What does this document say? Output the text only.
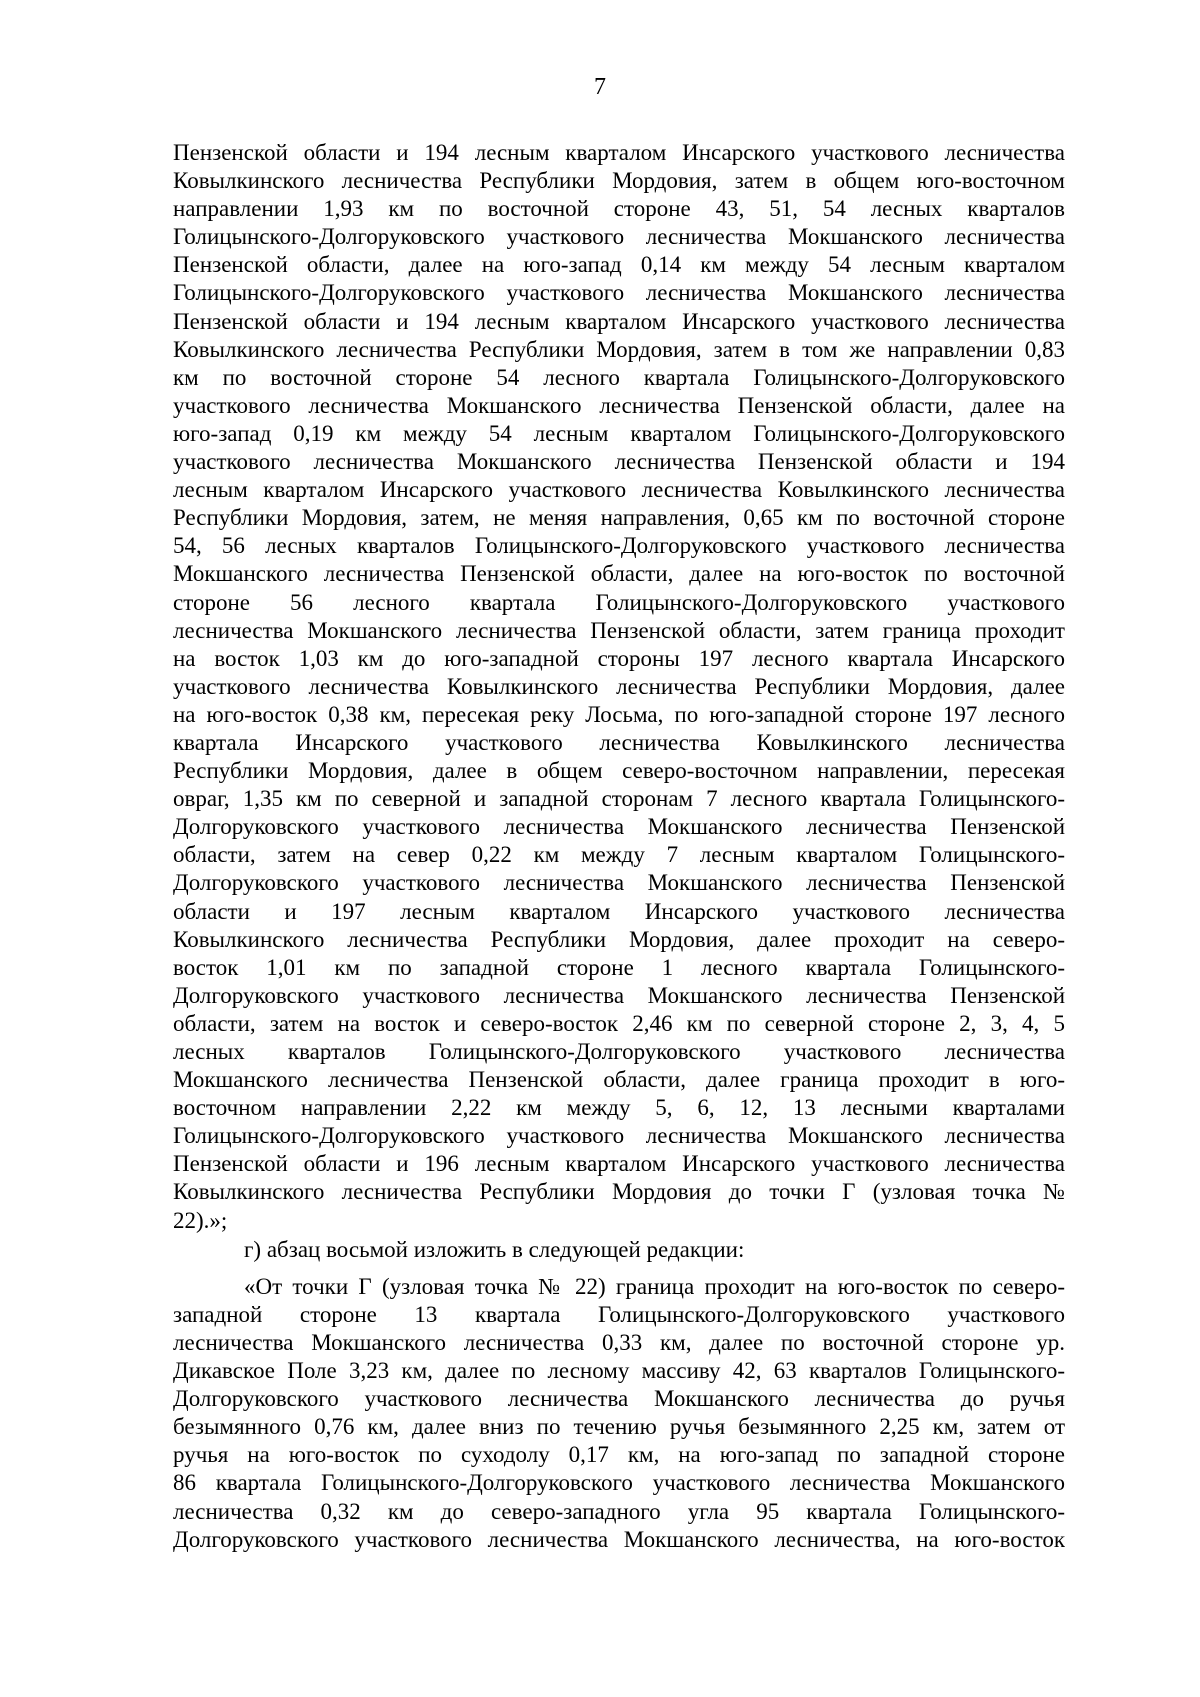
7
Пензенской области и 194 лесным кварталом Инсарского участкового лесничества
Ковылкинского лесничества Республики Мордовия, затем в общем юго-восточном
направлении 1,93 км по восточной стороне 43, 51, 54 лесных кварталов
Голицынского-Долгоруковского участкового лесничества Мокшанского лесничества
Пензенской области, далее на юго-запад 0,14 км между 54 лесным кварталом
Голицынского-Долгоруковского участкового лесничества Мокшанского лесничества
Пензенской области и 194 лесным кварталом Инсарского участкового лесничества
Ковылкинского лесничества Республики Мордовия, затем в том же направлении 0,83
км по восточной стороне 54 лесного квартала Голицынского-Долгоруковского
участкового лесничества Мокшанского лесничества Пензенской области, далее на
юго-запад 0,19 км между 54 лесным кварталом Голицынского-Долгоруковского
участкового лесничества Мокшанского лесничества Пензенской области и 194
лесным кварталом Инсарского участкового лесничества Ковылкинского лесничества
Республики Мордовия, затем, не меняя направления, 0,65 км по восточной стороне
54, 56 лесных кварталов Голицынского-Долгоруковского участкового лесничества
Мокшанского лесничества Пензенской области, далее на юго-восток по восточной
стороне 56 лесного квартала Голицынского-Долгоруковского участкового
лесничества Мокшанского лесничества Пензенской области, затем граница проходит
на восток 1,03 км до юго-западной стороны 197 лесного квартала Инсарского
участкового лесничества Ковылкинского лесничества Республики Мордовия, далее
на юго-восток 0,38 км, пересекая реку Лосьма, по юго-западной стороне 197 лесного
квартала Инсарского участкового лесничества Ковылкинского лесничества
Республики Мордовия, далее в общем северо-восточном направлении, пересекая
овраг, 1,35 км по северной и западной сторонам 7 лесного квартала Голицынского-
Долгоруковского участкового лесничества Мокшанского лесничества Пензенской
области, затем на север 0,22 км между 7 лесным кварталом Голицынского-
Долгоруковского участкового лесничества Мокшанского лесничества Пензенской
области и 197 лесным кварталом Инсарского участкового лесничества
Ковылкинского лесничества Республики Мордовия, далее проходит на северо-
восток 1,01 км по западной стороне 1 лесного квартала Голицынского-
Долгоруковского участкового лесничества Мокшанского лесничества Пензенской
области, затем на восток и северо-восток 2,46 км по северной стороне 2, 3, 4, 5
лесных кварталов Голицынского-Долгоруковского участкового лесничества
Мокшанского лесничества Пензенской области, далее граница проходит в юго-
восточном направлении 2,22 км между 5, 6, 12, 13 лесными кварталами
Голицынского-Долгоруковского участкового лесничества Мокшанского лесничества
Пензенской области и 196 лесным кварталом Инсарского участкового лесничества
Ковылкинского лесничества Республики Мордовия до точки Г (узловая точка №
22).»;
г) абзац восьмой изложить в следующей редакции:
«От точки Г (узловая точка № 22) граница проходит на юго-восток по северо-
западной стороне 13 квартала Голицынского-Долгоруковского участкового
лесничества Мокшанского лесничества 0,33 км, далее по восточной стороне ур.
Дикавское Поле 3,23 км, далее по лесному массиву 42, 63 кварталов Голицынского-
Долгоруковского участкового лесничества Мокшанского лесничества до ручья
безымянного 0,76 км, далее вниз по течению ручья безымянного 2,25 км, затем от
ручья на юго-восток по суходолу 0,17 км, на юго-запад по западной стороне
86 квартала Голицынского-Долгоруковского участкового лесничества Мокшанского
лесничества 0,32 км до северо-западного угла 95 квартала Голицынского-
Долгоруковского участкового лесничества Мокшанского лесничества, на юго-восток
